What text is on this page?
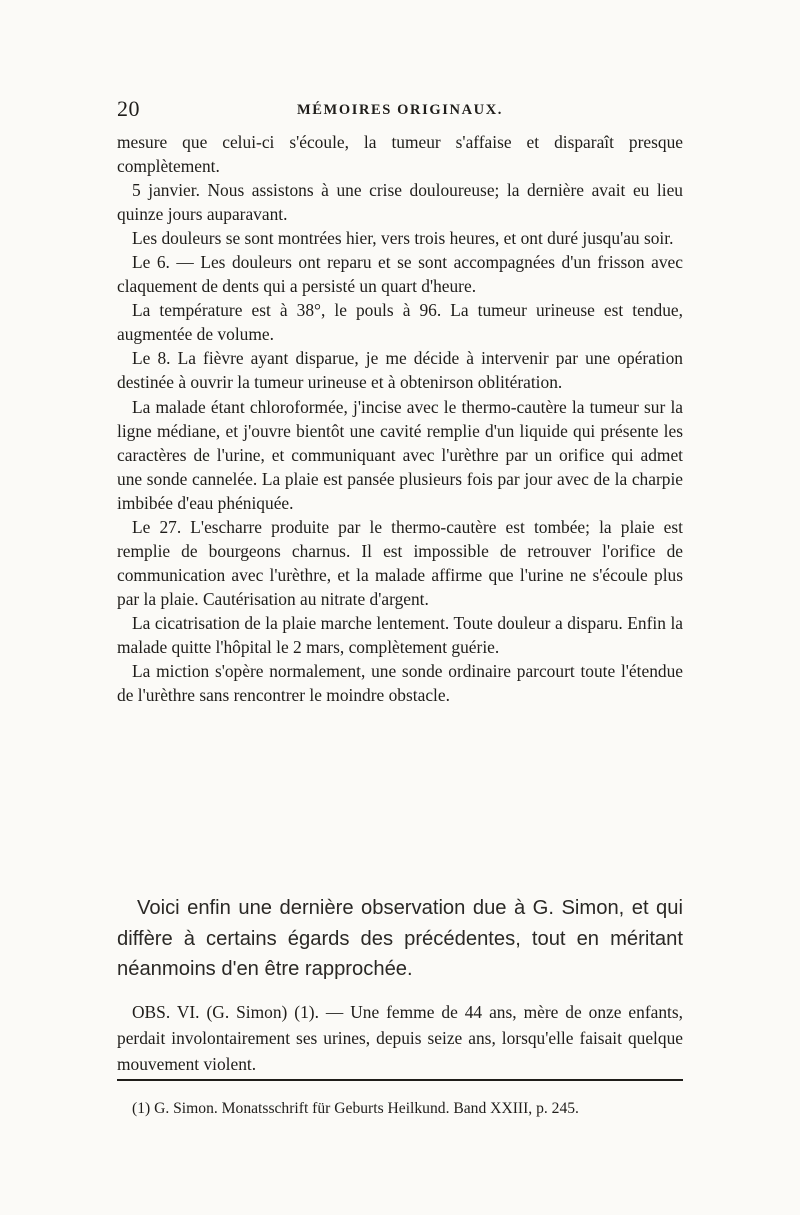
20	MÉMOIRES ORIGINAUX.

mesure que celui-ci s'écoule, la tumeur s'affaise et disparaît presque complètement.

5 janvier. Nous assistons à une crise douloureuse; la dernière avait eu lieu quinze jours auparavant.

Les douleurs se sont montrées hier, vers trois heures, et ont duré jusqu'au soir.

Le 6. — Les douleurs ont reparu et se sont accompagnées d'un frisson avec claquement de dents qui a persisté un quart d'heure.

La température est à 38°, le pouls à 96. La tumeur urineuse est tendue, augmentée de volume.

Le 8. La fièvre ayant disparue, je me décide à intervenir par une opération destinée à ouvrir la tumeur urineuse et à obtenirson oblitération.

La malade étant chloroformée, j'incise avec le thermo-cautère la tumeur sur la ligne médiane, et j'ouvre bientôt une cavité remplie d'un liquide qui présente les caractères de l'urine, et communiquant avec l'urèthre par un orifice qui admet une sonde cannelée. La plaie est pansée plusieurs fois par jour avec de la charpie imbibée d'eau phéniquée.

Le 27. L'escharre produite par le thermo-cautère est tombée; la plaie est remplie de bourgeons charnus. Il est impossible de retrouver l'orifice de communication avec l'urèthre, et la malade affirme que l'urine ne s'écoule plus par la plaie. Cautérisation au nitrate d'argent.

La cicatrisation de la plaie marche lentement. Toute douleur a disparu. Enfin la malade quitte l'hôpital le 2 mars, complètement guérie.

La miction s'opère normalement, une sonde ordinaire parcourt toute l'étendue de l'urèthre sans rencontrer le moindre obstacle.

Voici enfin une dernière observation due à G. Simon, et qui diffère à certains égards des précédentes, tout en méritant néanmoins d'en être rapprochée.

OBS. VI. (G. Simon) (1). — Une femme de 44 ans, mère de onze enfants, perdait involontairement ses urines, depuis seize ans, lorsqu'elle faisait quelque mouvement violent.

(1) G. Simon. Monatsschrift für Geburts Heilkund. Band XXIII, p. 245.
